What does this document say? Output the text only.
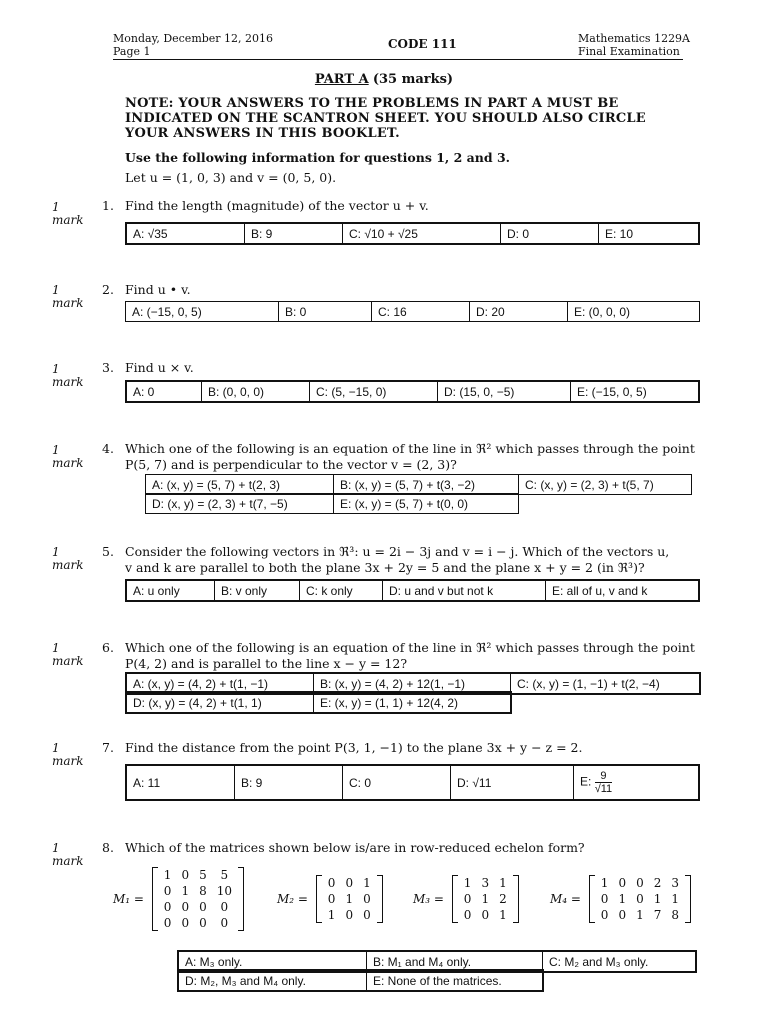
Monday, December 12, 2016
Page 1
CODE 111	Mathematics 1229A
Final Examination
PART A (35 marks)
NOTE: YOUR ANSWERS TO THE PROBLEMS IN PART A MUST BE
INDICATED ON THE SCANTRON SHEET. YOU SHOULD ALSO CIRCLE
YOUR ANSWERS IN THIS BOOKLET.
Use the following information for questions 1, 2 and 3.
Let u = (1, 0, 3) and v = (0, 5, 0).
1
mark
1. Find the length (magnitude) of the vector u + v.
A: √35	B: 9	C: √10 + √25	D: 0	E: 10
1
mark
2. Find u • v.
A: (−15, 0, 5)	B: 0	C: 16	D: 20	E: (0, 0, 0)
1
mark
3. Find u × v.
A: 0	B: (0, 0, 0)	C: (5, −15, 0)	D: (15, 0, −5)	E: (−15, 0, 5)
1
mark
4. Which one of the following is an equation of the line in ℜ² which passes through the point
P(5, 7) and is perpendicular to the vector v = (2, 3)?
A: (x, y) = (5, 7) + t(2, 3)	B: (x, y) = (5, 7) + t(3, −2)	C: (x, y) = (2, 3) + t(5, 7)
D: (x, y) = (2, 3) + t(7, −5)	E: (x, y) = (5, 7) + t(0, 0)
1
mark
5. Consider the following vectors in ℜ³: u = 2i − 3j and v = i − j. Which of the vectors u,
v and k are parallel to both the plane 3x + 2y = 5 and the plane x + y = 2 (in ℜ³)?
A: u only	B: v only	C: k only	D: u and v but not k	E: all of u, v and k
1
mark
6. Which one of the following is an equation of the line in ℜ² which passes through the point
P(4, 2) and is parallel to the line x − y = 12?
A: (x, y) = (4, 2) + t(1, −1)	B: (x, y) = (4, 2) + 12(1, −1)	C: (x, y) = (1, −1) + t(2, −4)
D: (x, y) = (4, 2) + t(1, 1)	E: (x, y) = (1, 1) + 12(4, 2)
1
mark
7. Find the distance from the point P(3, 1, −1) to the plane 3x + y − z = 2.
A: 11	B: 9	C: 0	D: √11	E: $\frac{9}{√11}$
1
mark
8. Which of the matrices shown below is/are in row-reduced echelon form?
M₁ =
1	0	5	5
0	1	8	10
0	0	0	0
0	0	0	0
M₂ =
0	0	1
0	1	0
1	0	0
M₃ =
1	3	1
0	1	2
0	0	1
M₄ =
1	0	0	2	3
0	1	0	1	1
0	0	1	7	8
A: M₃ only.	B: M₁ and M₄ only.	C: M₂ and M₃ only.
D: M₂, M₃ and M₄ only.	E: None of the matrices.
